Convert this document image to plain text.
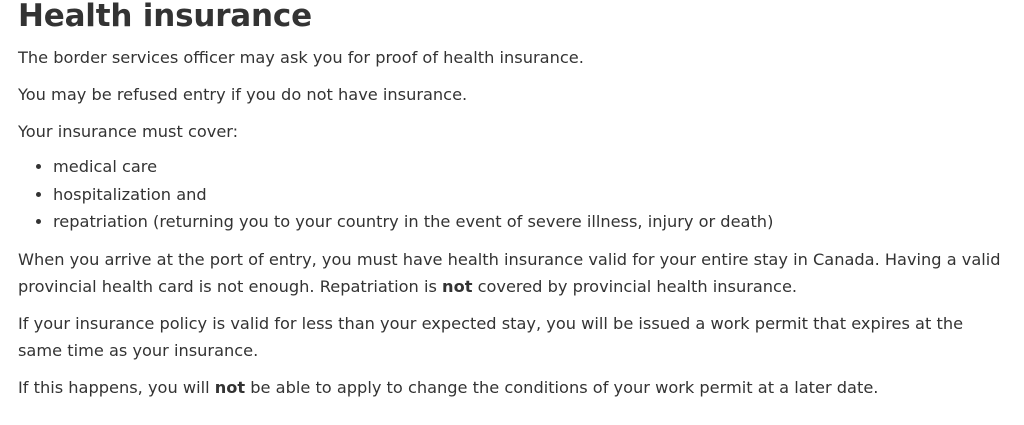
Health insurance

The border services officer may ask you for proof of health insurance.

You may be refused entry if you do not have insurance.

Your insurance must cover:

• medical care
• hospitalization and
• repatriation (returning you to your country in the event of severe illness, injury or death)

When you arrive at the port of entry, you must have health insurance valid for your entire stay in Canada. Having a valid provincial health card is not enough. Repatriation is not covered by provincial health insurance.

If your insurance policy is valid for less than your expected stay, you will be issued a work permit that expires at the same time as your insurance.

If this happens, you will not be able to apply to change the conditions of your work permit at a later date.
